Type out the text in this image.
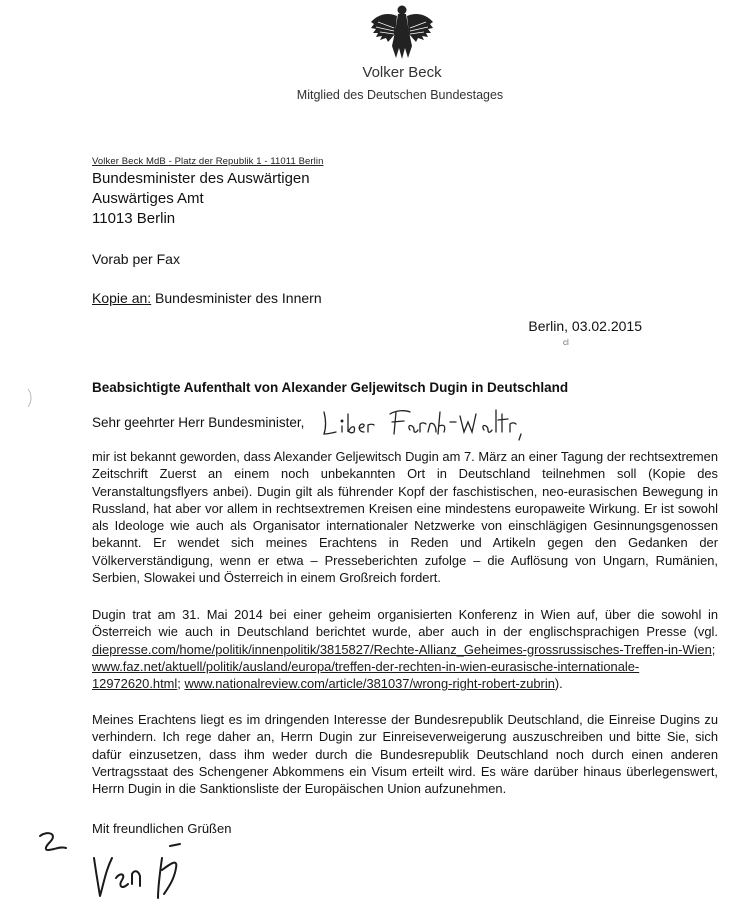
Volker Beck
Mitglied des Deutschen Bundestages
Volker Beck MdB - Platz der Republik 1 - 11011 Berlin
Bundesminister des Auswärtigen
Auswärtiges Amt
11013 Berlin
Vorab per Fax
Kopie an: Bundesminister des Innern
Berlin, 03.02.2015
cl
Beabsichtigte Aufenthalt von Alexander Geljewitsch Dugin in Deutschland
Sehr geehrter Herr Bundesminister,
mir ist bekannt geworden, dass Alexander Geljewitsch Dugin am 7. März an einer Tagung der rechtsextremen Zeitschrift Zuerst an einem noch unbekannten Ort in Deutschland teilnehmen soll (Kopie des Veranstaltungsflyers anbei). Dugin gilt als führender Kopf der faschistischen, neo-eurasischen Bewegung in Russland, hat aber vor allem in rechtsextremen Kreisen eine mindestens europaweite Wirkung. Er ist sowohl als Ideologe wie auch als Organisator internationaler Netzwerke von einschlägigen Gesinnungsgenossen bekannt. Er wendet sich meines Erachtens in Reden und Artikeln gegen den Gedanken der Völkerverständigung, wenn er etwa – Presseberichten zufolge – die Auflösung von Ungarn, Rumänien, Serbien, Slowakei und Österreich in einem Großreich fordert.
Dugin trat am 31. Mai 2014 bei einer geheim organisierten Konferenz in Wien auf, über die sowohl in Österreich wie auch in Deutschland berichtet wurde, aber auch in der englischsprachigen Presse (vgl. diepresse.com/home/politik/innenpolitik/3815827/Rechte-Allianz_Geheimes-grossrussisches-Treffen-in-Wien; www.faz.net/aktuell/politik/ausland/europa/treffen-der-rechten-in-wien-eurasische-internationale-12972620.html; www.nationalreview.com/article/381037/wrong-right-robert-zubrin).
Meines Erachtens liegt es im dringenden Interesse der Bundesrepublik Deutschland, die Einreise Dugins zu verhindern. Ich rege daher an, Herrn Dugin zur Einreiseverweigerung auszuschreiben und bitte Sie, sich dafür einzusetzen, dass ihm weder durch die Bundesrepublik Deutschland noch durch einen anderen Vertragsstaat des Schengener Abkommens ein Visum erteilt wird. Es wäre darüber hinaus überlegenswert, Herrn Dugin in die Sanktionsliste der Europäischen Union aufzunehmen.
Mit freundlichen Grüßen
